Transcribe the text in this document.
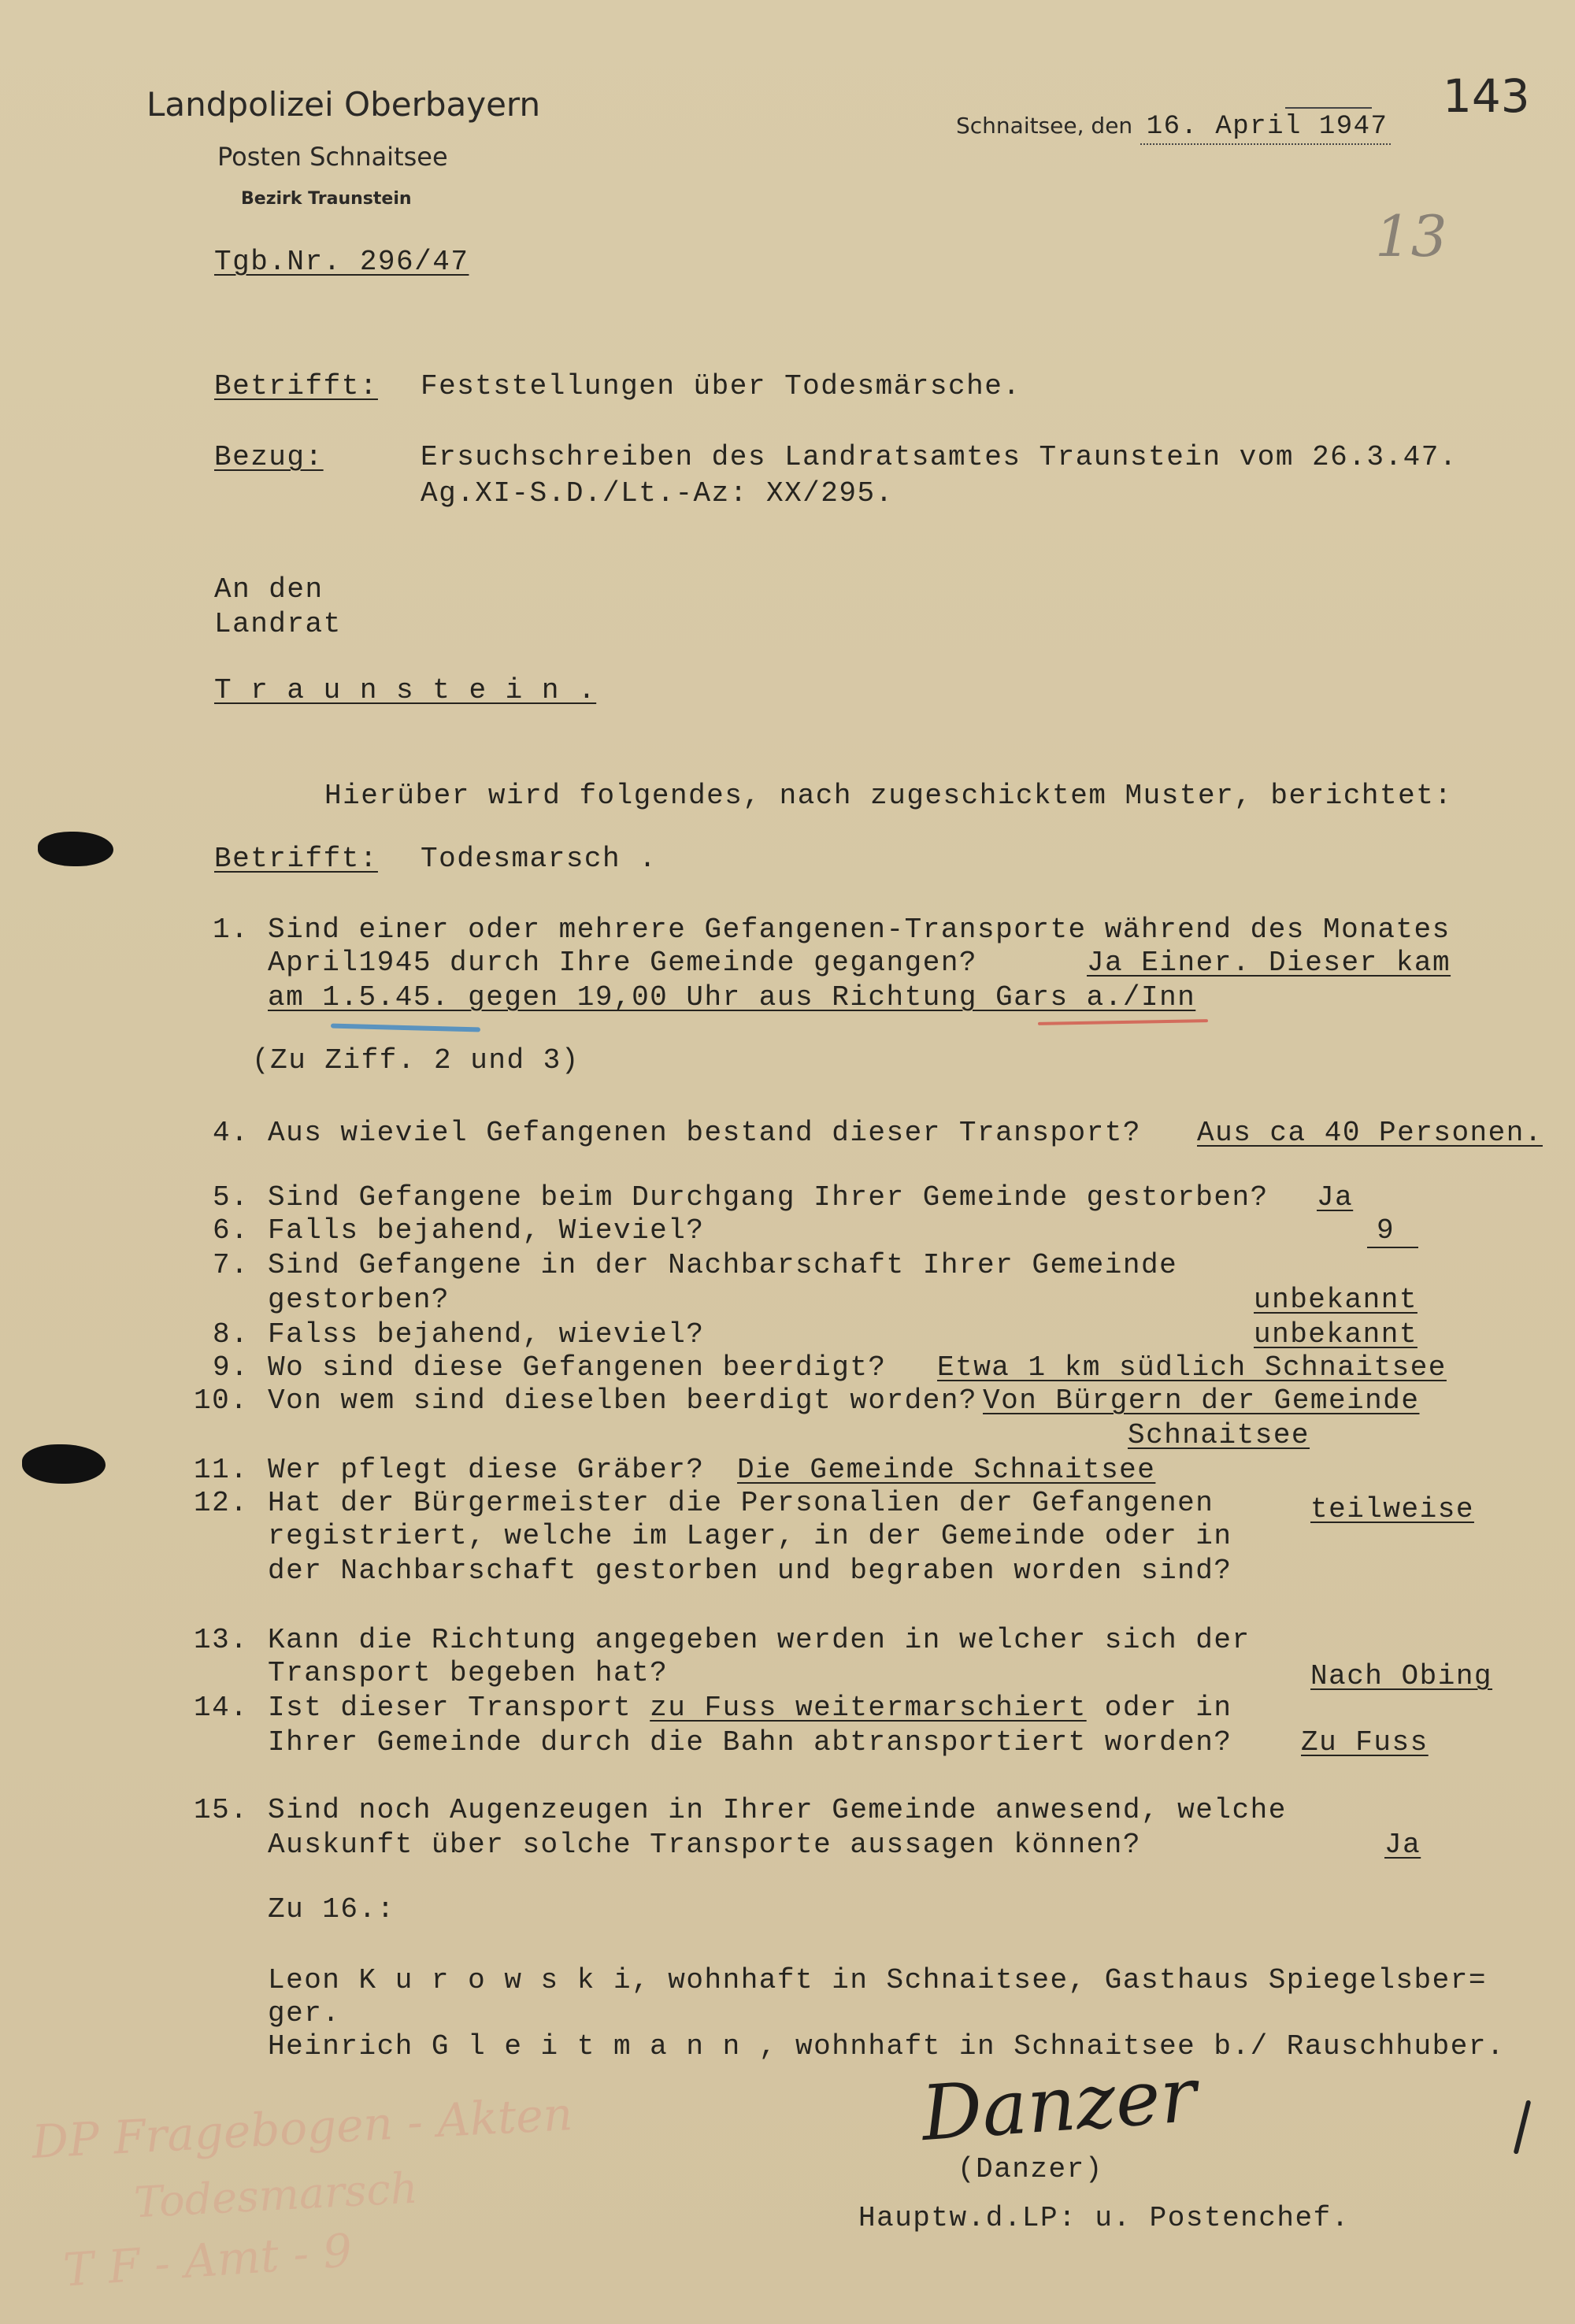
Landpolizei Oberbayern
Posten Schnaitsee
Bezirk Traunstein
Schnaitsee, den 16. April 1947
143
13
Tgb.Nr. 296/47
Betrifft: Feststellungen über Todesmärsche.
Bezug:	Ersuchschreiben des Landratsamtes Traunstein vom 26.3.47.
Ag.XI-S.D./Lt.-Az: XX/295.
An den
Landrat
T r a u n s t e i n .
Hierüber wird folgendes, nach zugeschicktem Muster, berichtet:
Betrifft: Todesmarsch .
1. Sind einer oder mehrere Gefangenen-Transporte während des Monates
April1945 durch Ihre Gemeinde gegangen?	Ja Einer. Dieser kam
am 1.5.45. gegen 19,00 Uhr aus Richtung Gars a./Inn
(Zu Ziff. 2 und 3)
4. Aus wieviel Gefangenen bestand dieser Transport? Aus ca 40 Personen.
5. Sind Gefangene beim Durchgang Ihrer Gemeinde gestorben? Ja
6. Falls bejahend, Wieviel?	9
7. Sind Gefangene in der Nachbarschaft Ihrer Gemeinde
gestorben?	unbekannt
8. Falss bejahend, wieviel?	unbekannt
9. Wo sind diese Gefangenen beerdigt? Etwa 1 km südlich Schnaitsee
10. Von wem sind dieselben beerdigt worden? Von Bürgern der Gemeinde
Schnaitsee
11. Wer pflegt diese Gräber? Die Gemeinde Schnaitsee
12. Hat der Bürgermeister die Personalien der Gefangenen	teilweise
registriert, welche im Lager, in der Gemeinde oder in
der Nachbarschaft gestorben und begraben worden sind?
13. Kann die Richtung angegeben werden in welcher sich der
Transport begeben hat?	Nach Obing
14. Ist dieser Transport zu Fuss weitermarschiert oder in
Ihrer Gemeinde durch die Bahn abtransportiert worden? Zu Fuss
15. Sind noch Augenzeugen in Ihrer Gemeinde anwesend, welche
Auskunft über solche Transporte aussagen können?	Ja
Zu 16.:
Leon K u r o w s k i, wohnhaft in Schnaitsee, Gasthaus Spiegelsber=
ger.
Heinrich G l e i t m a n n , wohnhaft in Schnaitsee b./ Rauschhuber.
DP Fragebogen - Akten
Todesmarsch
T F - Amt - 9
Danzer
(Danzer)
Hauptw.d.LP: u. Postenchef.
